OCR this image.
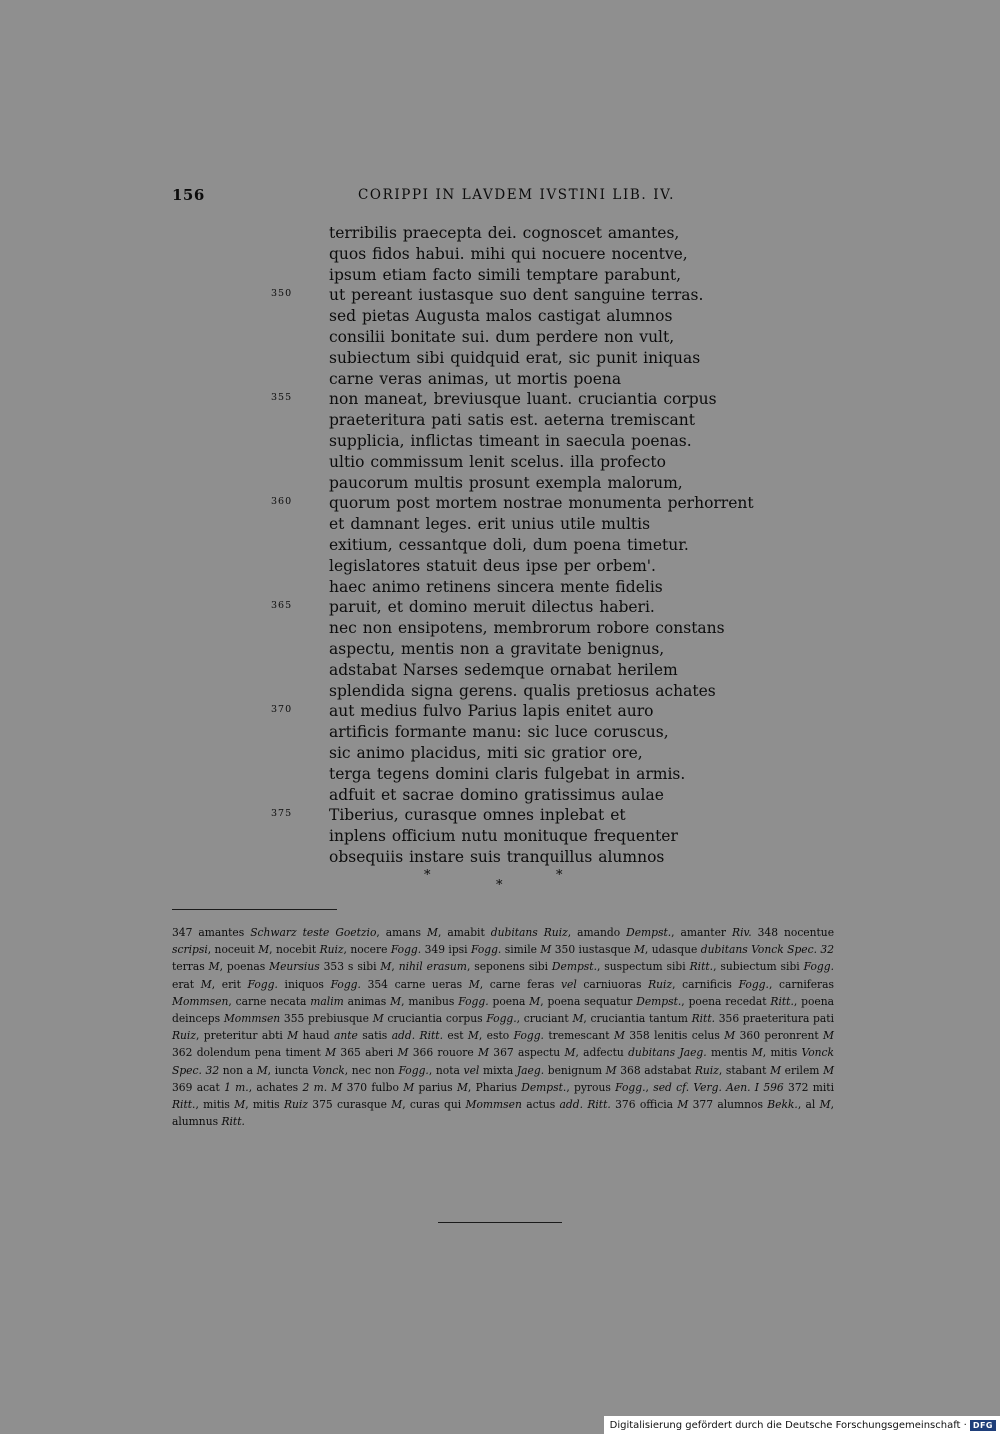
156	CORIPPI IN LAVDEM IVSTINI LIB. IV.
terribilis praecepta dei. cognoscet amantes,
quos fidos habui. mihi qui nocuere nocentve,
ipsum etiam facto simili temptare parabunt,
350 ut pereant iustasque suo dent sanguine terras.
sed pietas Augusta malos castigat alumnos
consilii bonitate sui. dum perdere non vult,
subiectum sibi quidquid erat, sic punit iniquas
carne veras animas, ut mortis poena
355 non maneat, breviusque luant. cruciantia corpus
praeteritura pati satis est. aeterna tremiscant
supplicia, inflictas timeant in saecula poenas.
ultio commissum lenit scelus. illa profecto
paucorum multis prosunt exempla malorum,
360 quorum post mortem nostrae monumenta perhorrent
et damnant leges. erit unius utile multis
exitium, cessantque doli, dum poena timetur.
legislatores statuit deus ipse per orbem'.
haec animo retinens sincera mente fidelis
365 paruit, et domino meruit dilectus haberi.
nec non ensipotens, membrorum robore constans
aspectu, mentis non a gravitate benignus,
adstabat Narses sedemque ornabat herilem
splendida signa gerens. qualis pretiosus achates
370 aut medius fulvo Parius lapis enitet auro
artificis formante manu: sic luce coruscus,
sic animo placidus, miti sic gratior ore,
terga tegens domini claris fulgebat in armis.
adfuit et sacrae domino gratissimus aulae
375 Tiberius, curasque omnes inplebat et
inplens officium nutu monituque frequenter
obsequiis instare suis tranquillus alumnos
*
*
*
347 amantes Schwarz teste Goetzio, amans M, amabit dubitans Ruiz, amando Dempst., amanter Riv. 348 nocentue scripsi, noceuit M, nocebit Ruiz, nocere Fogg. 349 ipsi Fogg. simile M 350 iustasque M, udasque dubitans Vonck Spec. 32 terras M, poenas Meursius 353 s sibi M, nihil erasum, seponens sibi Dempst., suspectum sibi Ritt., subiectum sibi Fogg. erat M, erit Fogg. iniquos Fogg. 354 carne ueras M, carne feras vel carniuoras Ruiz, carnificis Fogg., carniferas Mommsen, carne necata malim animas M, manibus Fogg. poena M, poena sequatur Dempst., poena recedat Ritt., poena deinceps Mommsen 355 prebiusque M cruciantia corpus Fogg., cruciant M, cruciantia tantum Ritt. 356 praeteritura pati Ruiz, preteritur abti M haud ante satis add. Ritt. est M, esto Fogg. tremescant M 358 lenitis celus M 360 peronrent M 362 dolendum pena timent M 365 aberi M 366 rouore M 367 aspectu M, adfectu dubitans Jaeg. mentis M, mitis Vonck Spec. 32 non a M, iuncta Vonck, nec non Fogg., nota vel mixta Jaeg. benignum M 368 adstabat Ruiz, stabant M erilem M 369 acat 1 m., achates 2 m. M 370 fulbo M parius M, Pharius Dempst., pyrous Fogg., sed cf. Verg. Aen. I 596 372 miti Ritt., mitis M, mitis Ruiz 375 curasque M, curas qui Mommsen actus add. Ritt. 376 officia M 377 alumnos Bekk., al M, alumnus Ritt.
Digitalisierung gefördert durch die Deutsche Forschungsgemeinschaft · DFG
